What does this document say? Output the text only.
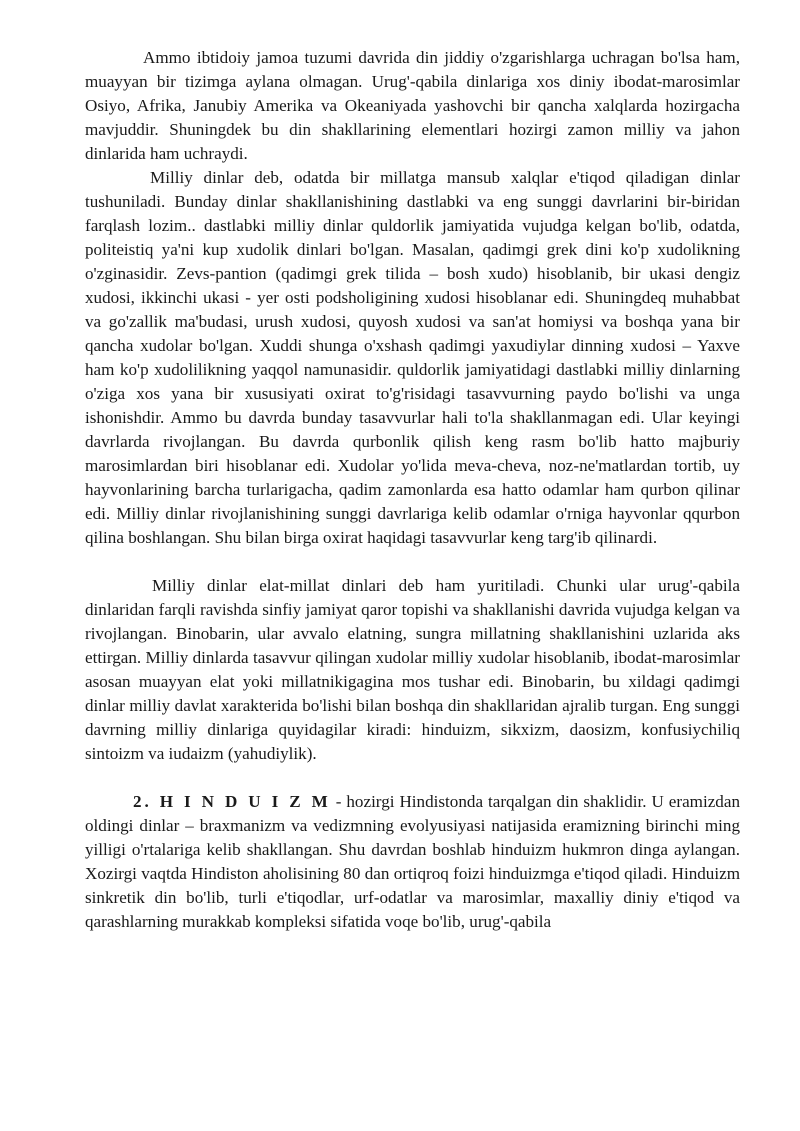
Ammo ibtidoiy jamoa tuzumi davrida din jiddiy o'zgarishlarga uchragan bo'lsa ham, muayyan bir tizimga aylana olmagan. Urug'-qabila dinlariga xos diniy ibodat-marosimlar Osiyo, Afrika, Janubiy Amerika va Okeaniyada yashovchi bir qancha xalqlarda hozirgacha mavjuddir. Shuningdek bu din shakllarining elementlari hozirgi zamon milliy va jahon dinlarida ham uchraydi.

Milliy dinlar deb, odatda bir millatga mansub xalqlar e'tiqod qiladigan dinlar tushuniladi. Bunday dinlar shakllanishining dastlabki va eng sunggi davrlarini bir-biridan farqlash lozim.. dastlabki milliy dinlar quldorlik jamiyatida vujudga kelgan bo'lib, odatda, politeistiq ya'ni kup xudolik dinlari bo'lgan. Masalan, qadimgi grek dini ko'p xudolikning o'zginasidir. Zevs-pantion (qadimgi grek tilida – bosh xudo) hisoblanib, bir ukasi dengiz xudosi, ikkinchi ukasi - yer osti podsholigining xudosi hisoblanar edi. Shuningdeq muhabbat va go'zallik ma'budasi, urush xudosi, quyosh xudosi va san'at homiysi va boshqa yana bir qancha xudolar bo'lgan. Xuddi shunga o'xshash qadimgi yaxudiylar dinning xudosi – Yaxve ham ko'p xudolilikning yaqqol namunasidir. quldorlik jamiyatidagi dastlabki milliy dinlarning o'ziga xos yana bir xususiyati oxirat to'g'risidagi tasavvurning paydo bo'lishi va unga ishonishdir. Ammo bu davrda bunday tasavvurlar hali to'la shakllanmagan edi. Ular keyingi davrlarda rivojlangan. Bu davrda qurbonlik qilish keng rasm bo'lib hatto majburiy marosimlardan biri hisoblanar edi. Xudolar yo'lida meva-cheva, noz-ne'matlardan tortib, uy hayvonlarining barcha turlarigacha, qadim zamonlarda esa hatto odamlar ham qurbon qilinar edi. Milliy dinlar rivojlanishining sunggi davrlariga kelib odamlar o'rniga hayvonlar qqurbon qilina boshlangan. Shu bilan birga oxirat haqidagi tasavvurlar keng targ'ib qilinardi.

Milliy dinlar elat-millat dinlari deb ham yuritiladi. Chunki ular urug'-qabila dinlaridan farqli ravishda sinfiy jamiyat qaror topishi va shakllanishi davrida vujudga kelgan va rivojlangan. Binobarin, ular avvalo elatning, sungra millatning shakllanishini uzlarida aks ettirgan. Milliy dinlarda tasavvur qilingan xudolar milliy xudolar hisoblanib, ibodat-marosimlar asosan muayyan elat yoki millatnikigagina mos tushar edi. Binobarin, bu xildagi qadimgi dinlar milliy davlat xarakterida bo'lishi bilan boshqa din shakllaridan ajralib turgan. Eng sunggi davrning milliy dinlariga quyidagilar kiradi: hinduizm, sikxizm, daosizm, konfusiychiliq sintoizm va iudaizm (yahudiylik).

2. H I N D U I Z M - hozirgi Hindistonda tarqalgan din shaklidir. U eramizdan oldingi dinlar – braxmanizm va vedizmning evolyusiyasi natijasida eramizning birinchi ming yilligi o'rtalariga kelib shakllangan. Shu davrdan boshlab hinduizm hukmron dinga aylangan. Xozirgi vaqtda Hindiston aholisining 80 dan ortiqroq foizi hinduizmga e'tiqod qiladi. Hinduizm sinkretik din bo'lib, turli e'tiqodlar, urf-odatlar va marosimlar, maxalliy diniy e'tiqod va qarashlarning murakkab kompleksi sifatida voqe bo'lib, urug'-qabila
